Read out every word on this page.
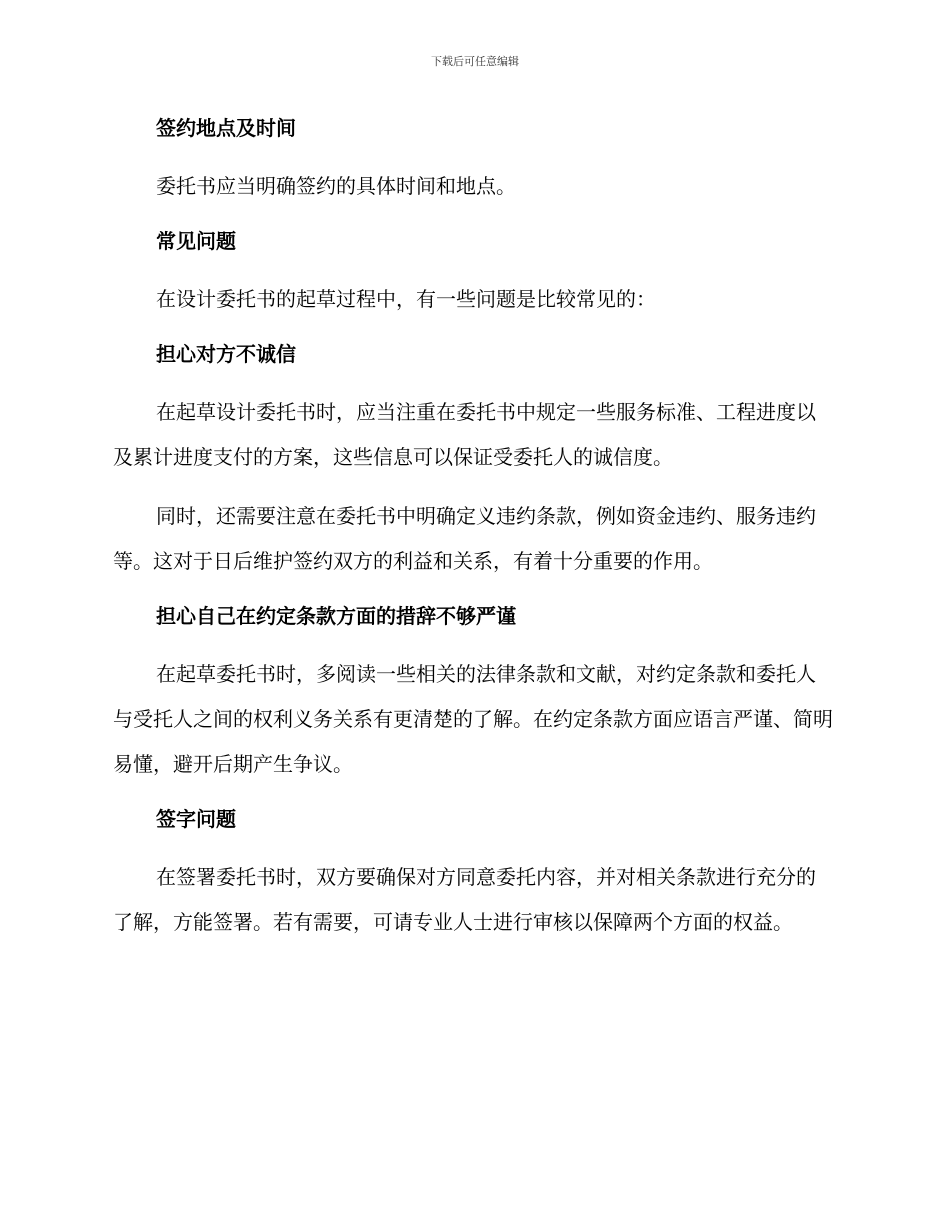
下载后可任意编辑
签约地点及时间

委托书应当明确签约的具体时间和地点。

常见问题

在设计委托书的起草过程中，有一些问题是比较常见的：

担心对方不诚信

在起草设计委托书时，应当注重在委托书中规定一些服务标准、工程进度以及累计进度支付的方案，这些信息可以保证受委托人的诚信度。

同时，还需要注意在委托书中明确定义违约条款，例如资金违约、服务违约等。这对于日后维护签约双方的利益和关系，有着十分重要的作用。

担心自己在约定条款方面的措辞不够严谨

在起草委托书时，多阅读一些相关的法律条款和文献，对约定条款和委托人与受托人之间的权利义务关系有更清楚的了解。在约定条款方面应语言严谨、简明易懂，避开后期产生争议。

签字问题

在签署委托书时，双方要确保对方同意委托内容，并对相关条款进行充分的了解，方能签署。若有需要，可请专业人士进行审核以保障两个方面的权益。
